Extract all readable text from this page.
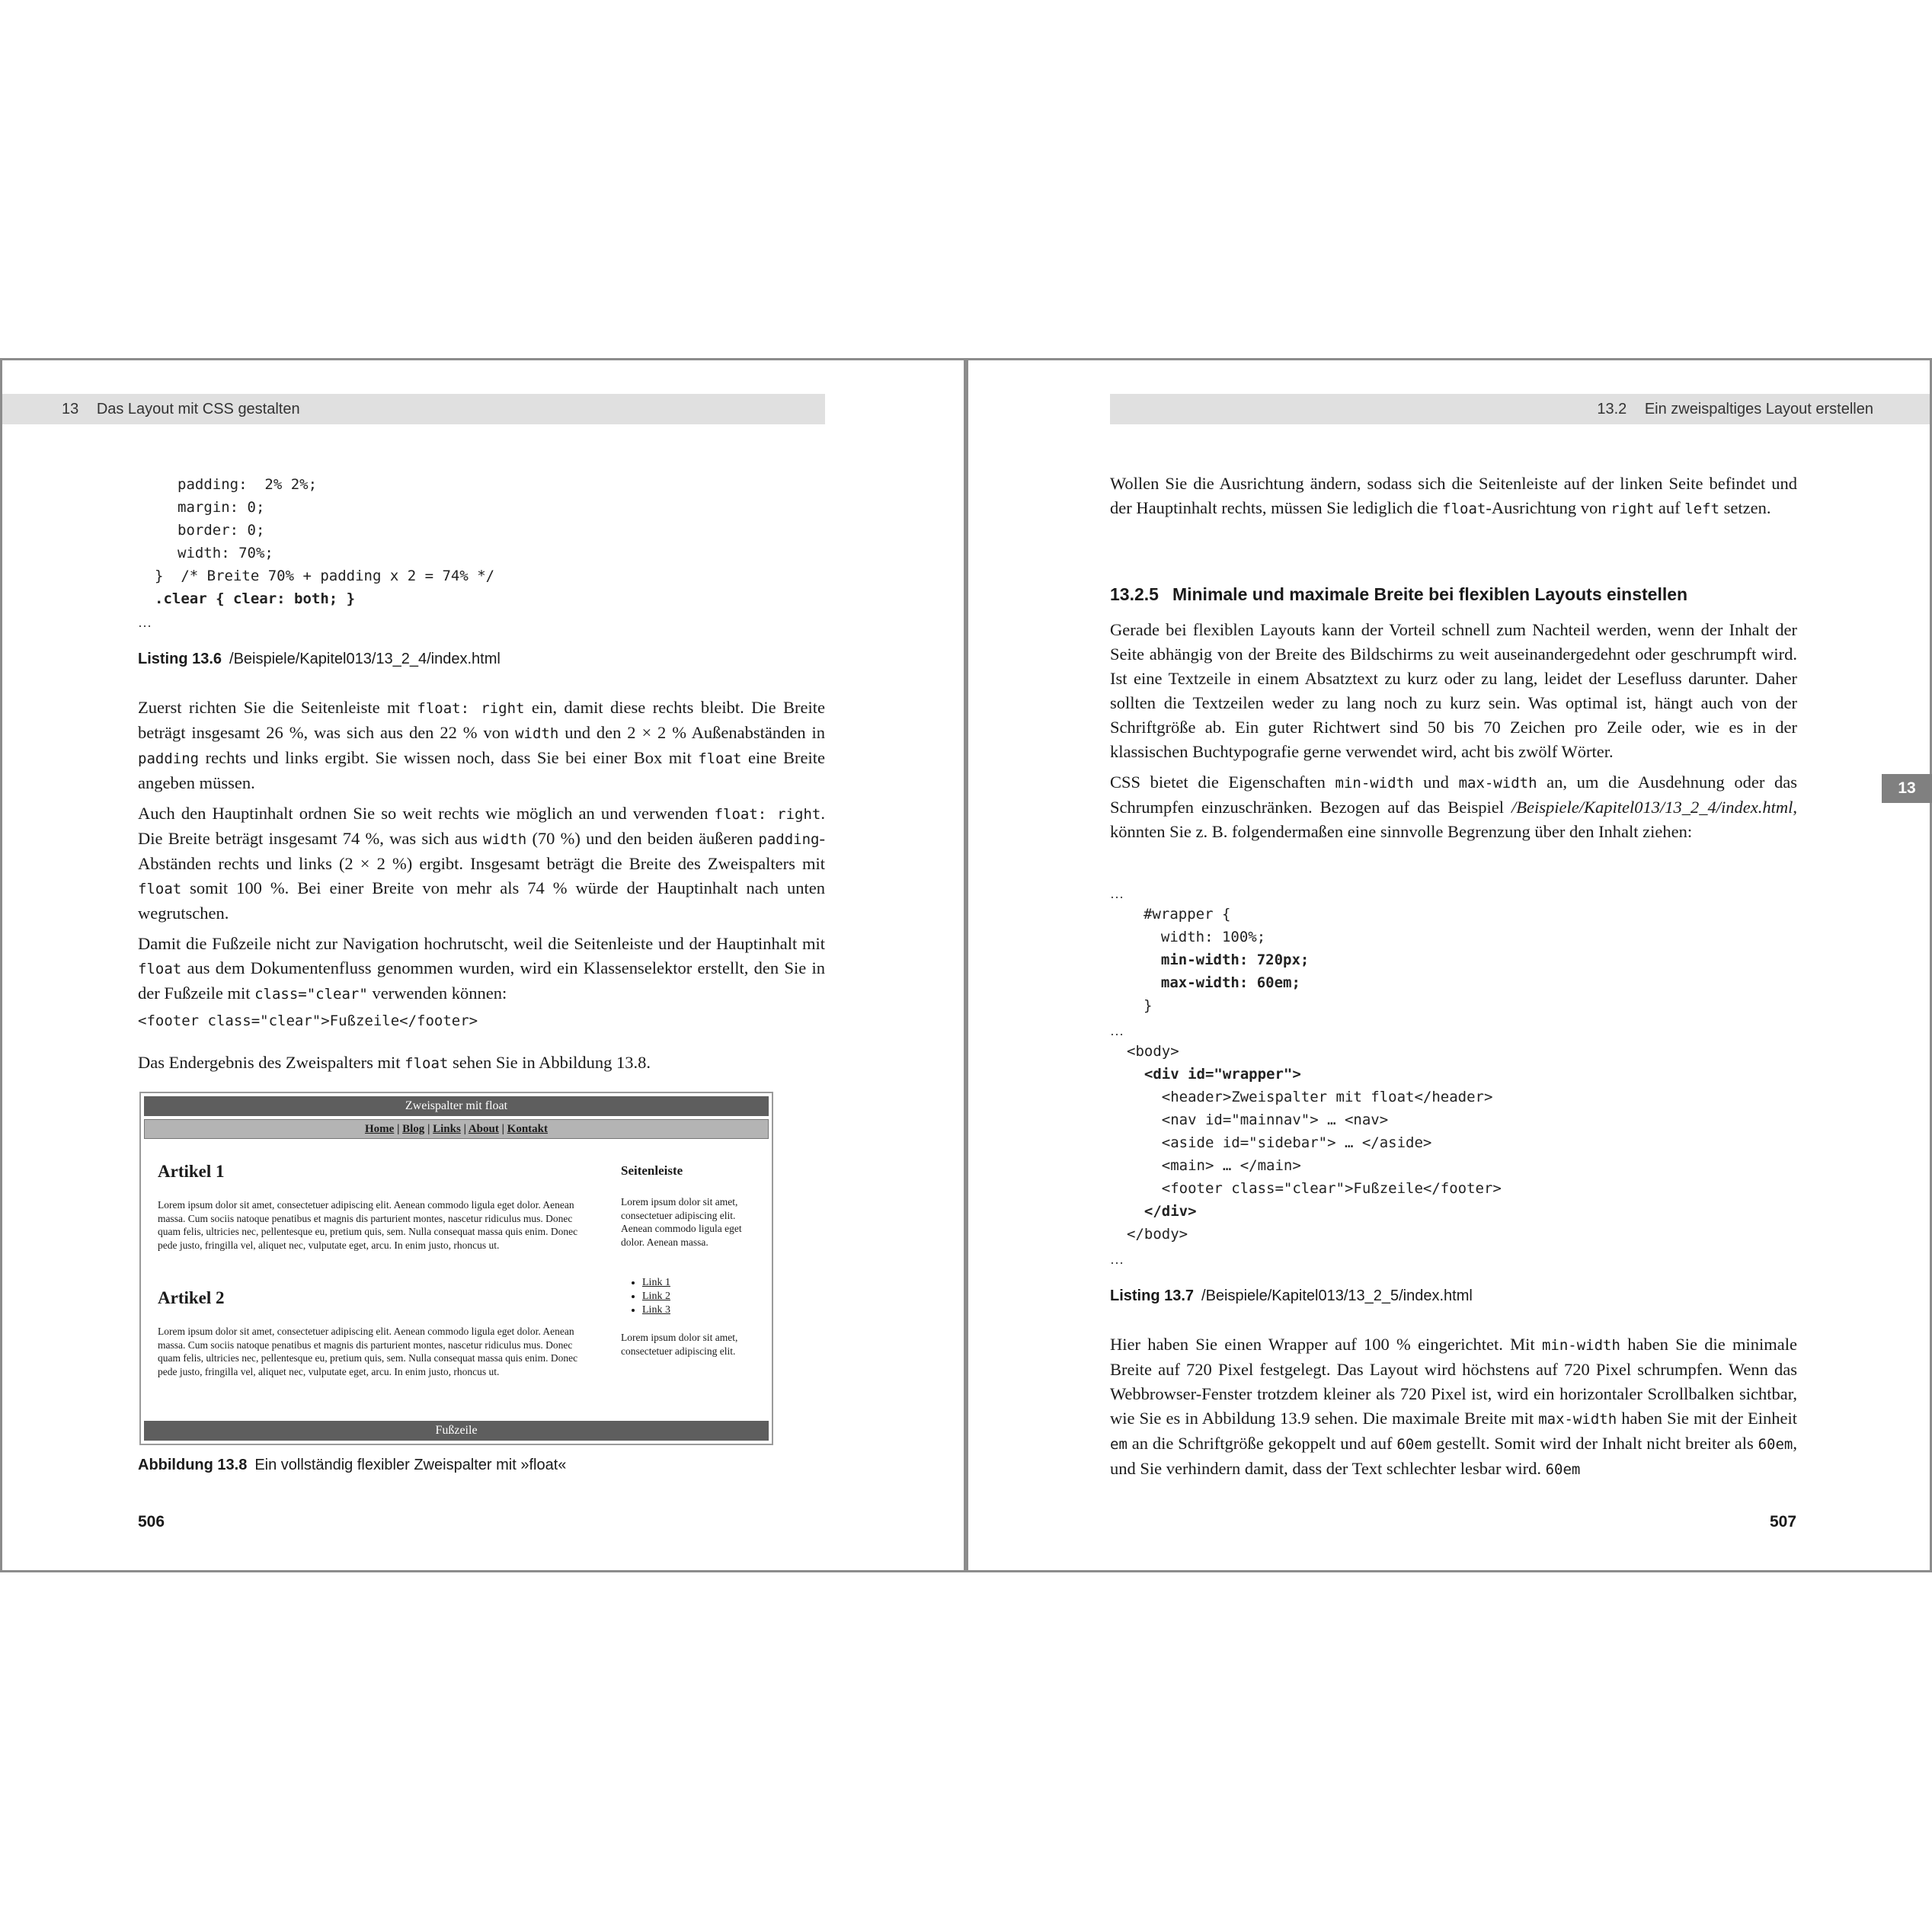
13 Das Layout mit CSS gestalten
padding:  2% 2%;
margin: 0;
border: 0;
width: 70%;
}  /* Breite 70% + padding x 2 = 74% */
.clear { clear: both; }
…
Listing 13.6 /Beispiele/Kapitel013/13_2_4/index.html

Zuerst richten Sie die Seitenleiste mit float: right ein, damit diese rechts bleibt. Die Breite beträgt insgesamt 26 %, was sich aus den 22 % von width und den 2 × 2 % Außenabständen in padding rechts und links ergibt. Sie wissen noch, dass Sie bei einer Box mit float eine Breite angeben müssen.

Auch den Hauptinhalt ordnen Sie so weit rechts wie möglich an und verwenden float: right. Die Breite beträgt insgesamt 74 %, was sich aus width (70 %) und den beiden äußeren padding-Abständen rechts und links (2 × 2 %) ergibt. Insgesamt beträgt die Breite des Zweispalters mit float somit 100 %. Bei einer Breite von mehr als 74 % würde der Hauptinhalt nach unten wegrutschen.

Damit die Fußzeile nicht zur Navigation hochrutscht, weil die Seitenleiste und der Hauptinhalt mit float aus dem Dokumentenfluss genommen wurden, wird ein Klassenselektor erstellt, den Sie in der Fußzeile mit class="clear" verwenden können:

<footer class="clear">Fußzeile</footer>
Das Endergebnis des Zweispalters mit float sehen Sie in Abbildung 13.8.
Zweispalter mit float
Home | Blog | Links | About | Kontakt
Artikel 1
Lorem ipsum dolor sit amet, consectetuer adipiscing elit. Aenean commodo ligula eget dolor. Aenean massa. Cum sociis natoque penatibus et magnis dis parturient montes, nascetur ridiculus mus. Donec quam felis, ultricies nec, pellentesque eu, pretium quis, sem. Nulla consequat massa quis enim. Donec pede justo, fringilla vel, aliquet nec, vulputate eget, arcu. In enim justo, rhoncus ut.
Artikel 2
Lorem ipsum dolor sit amet, consectetuer adipiscing elit. Aenean commodo ligula eget dolor. Aenean massa. Cum sociis natoque penatibus et magnis dis parturient montes, nascetur ridiculus mus. Donec quam felis, ultricies nec, pellentesque eu, pretium quis, sem. Nulla consequat massa quis enim. Donec pede justo, fringilla vel, aliquet nec, vulputate eget, arcu. In enim justo, rhoncus ut.
Seitenleiste
Lorem ipsum dolor sit amet, consectetuer adipiscing elit. Aenean commodo ligula eget dolor. Aenean massa.
• Link 1
• Link 2
• Link 3
Lorem ipsum dolor sit amet, consectetuer adipiscing elit.
Fußzeile
Abbildung 13.8 Ein vollständig flexibler Zweispalter mit »float«
506
13.2 Ein zweispaltiges Layout erstellen
Wollen Sie die Ausrichtung ändern, sodass sich die Seitenleiste auf der linken Seite befindet und der Hauptinhalt rechts, müssen Sie lediglich die float-Ausrichtung von right auf left setzen.
13.2.5 Minimale und maximale Breite bei flexiblen Layouts einstellen

Gerade bei flexiblen Layouts kann der Vorteil schnell zum Nachteil werden, wenn der Inhalt der Seite abhängig von der Breite des Bildschirms zu weit auseinandergedehnt oder geschrumpft wird. Ist eine Textzeile in einem Absatztext zu kurz oder zu lang, leidet der Lesefluss darunter. Daher sollten die Textzeilen weder zu lang noch zu kurz sein. Was optimal ist, hängt auch von der Schriftgröße ab. Ein guter Richtwert sind 50 bis 70 Zeichen pro Zeile oder, wie es in der klassischen Buchtypografie gerne verwendet wird, acht bis zwölf Wörter.

CSS bietet die Eigenschaften min-width und max-width an, um die Ausdehnung oder das Schrumpfen einzuschränken. Bezogen auf das Beispiel /Beispiele/Kapitel013/13_2_4/index.html, könnten Sie z. B. folgendermaßen eine sinnvolle Begrenzung über den Inhalt ziehen:

…
#wrapper {
width: 100%;
min-width: 720px;
max-width: 60em;
}
…
<body>
<div id="wrapper">
<header>Zweispalter mit float</header>
<nav id="mainnav"> … <nav>
<aside id="sidebar"> … </aside>
<main> … </main>
<footer class="clear">Fußzeile</footer>
</div>
</body>
…
Listing 13.7 /Beispiele/Kapitel013/13_2_5/index.html
Hier haben Sie einen Wrapper auf 100 % eingerichtet. Mit min-width haben Sie die minimale Breite auf 720 Pixel festgelegt. Das Layout wird höchstens auf 720 Pixel schrumpfen. Wenn das Webbrowser-Fenster trotzdem kleiner als 720 Pixel ist, wird ein horizontaler Scrollbalken sichtbar, wie Sie es in Abbildung 13.9 sehen. Die maximale Breite mit max-width haben Sie mit der Einheit em an die Schriftgröße gekoppelt und auf 60em gestellt. Somit wird der Inhalt nicht breiter als 60em, und Sie verhindern damit, dass der Text schlechter lesbar wird. 60em
507
13
